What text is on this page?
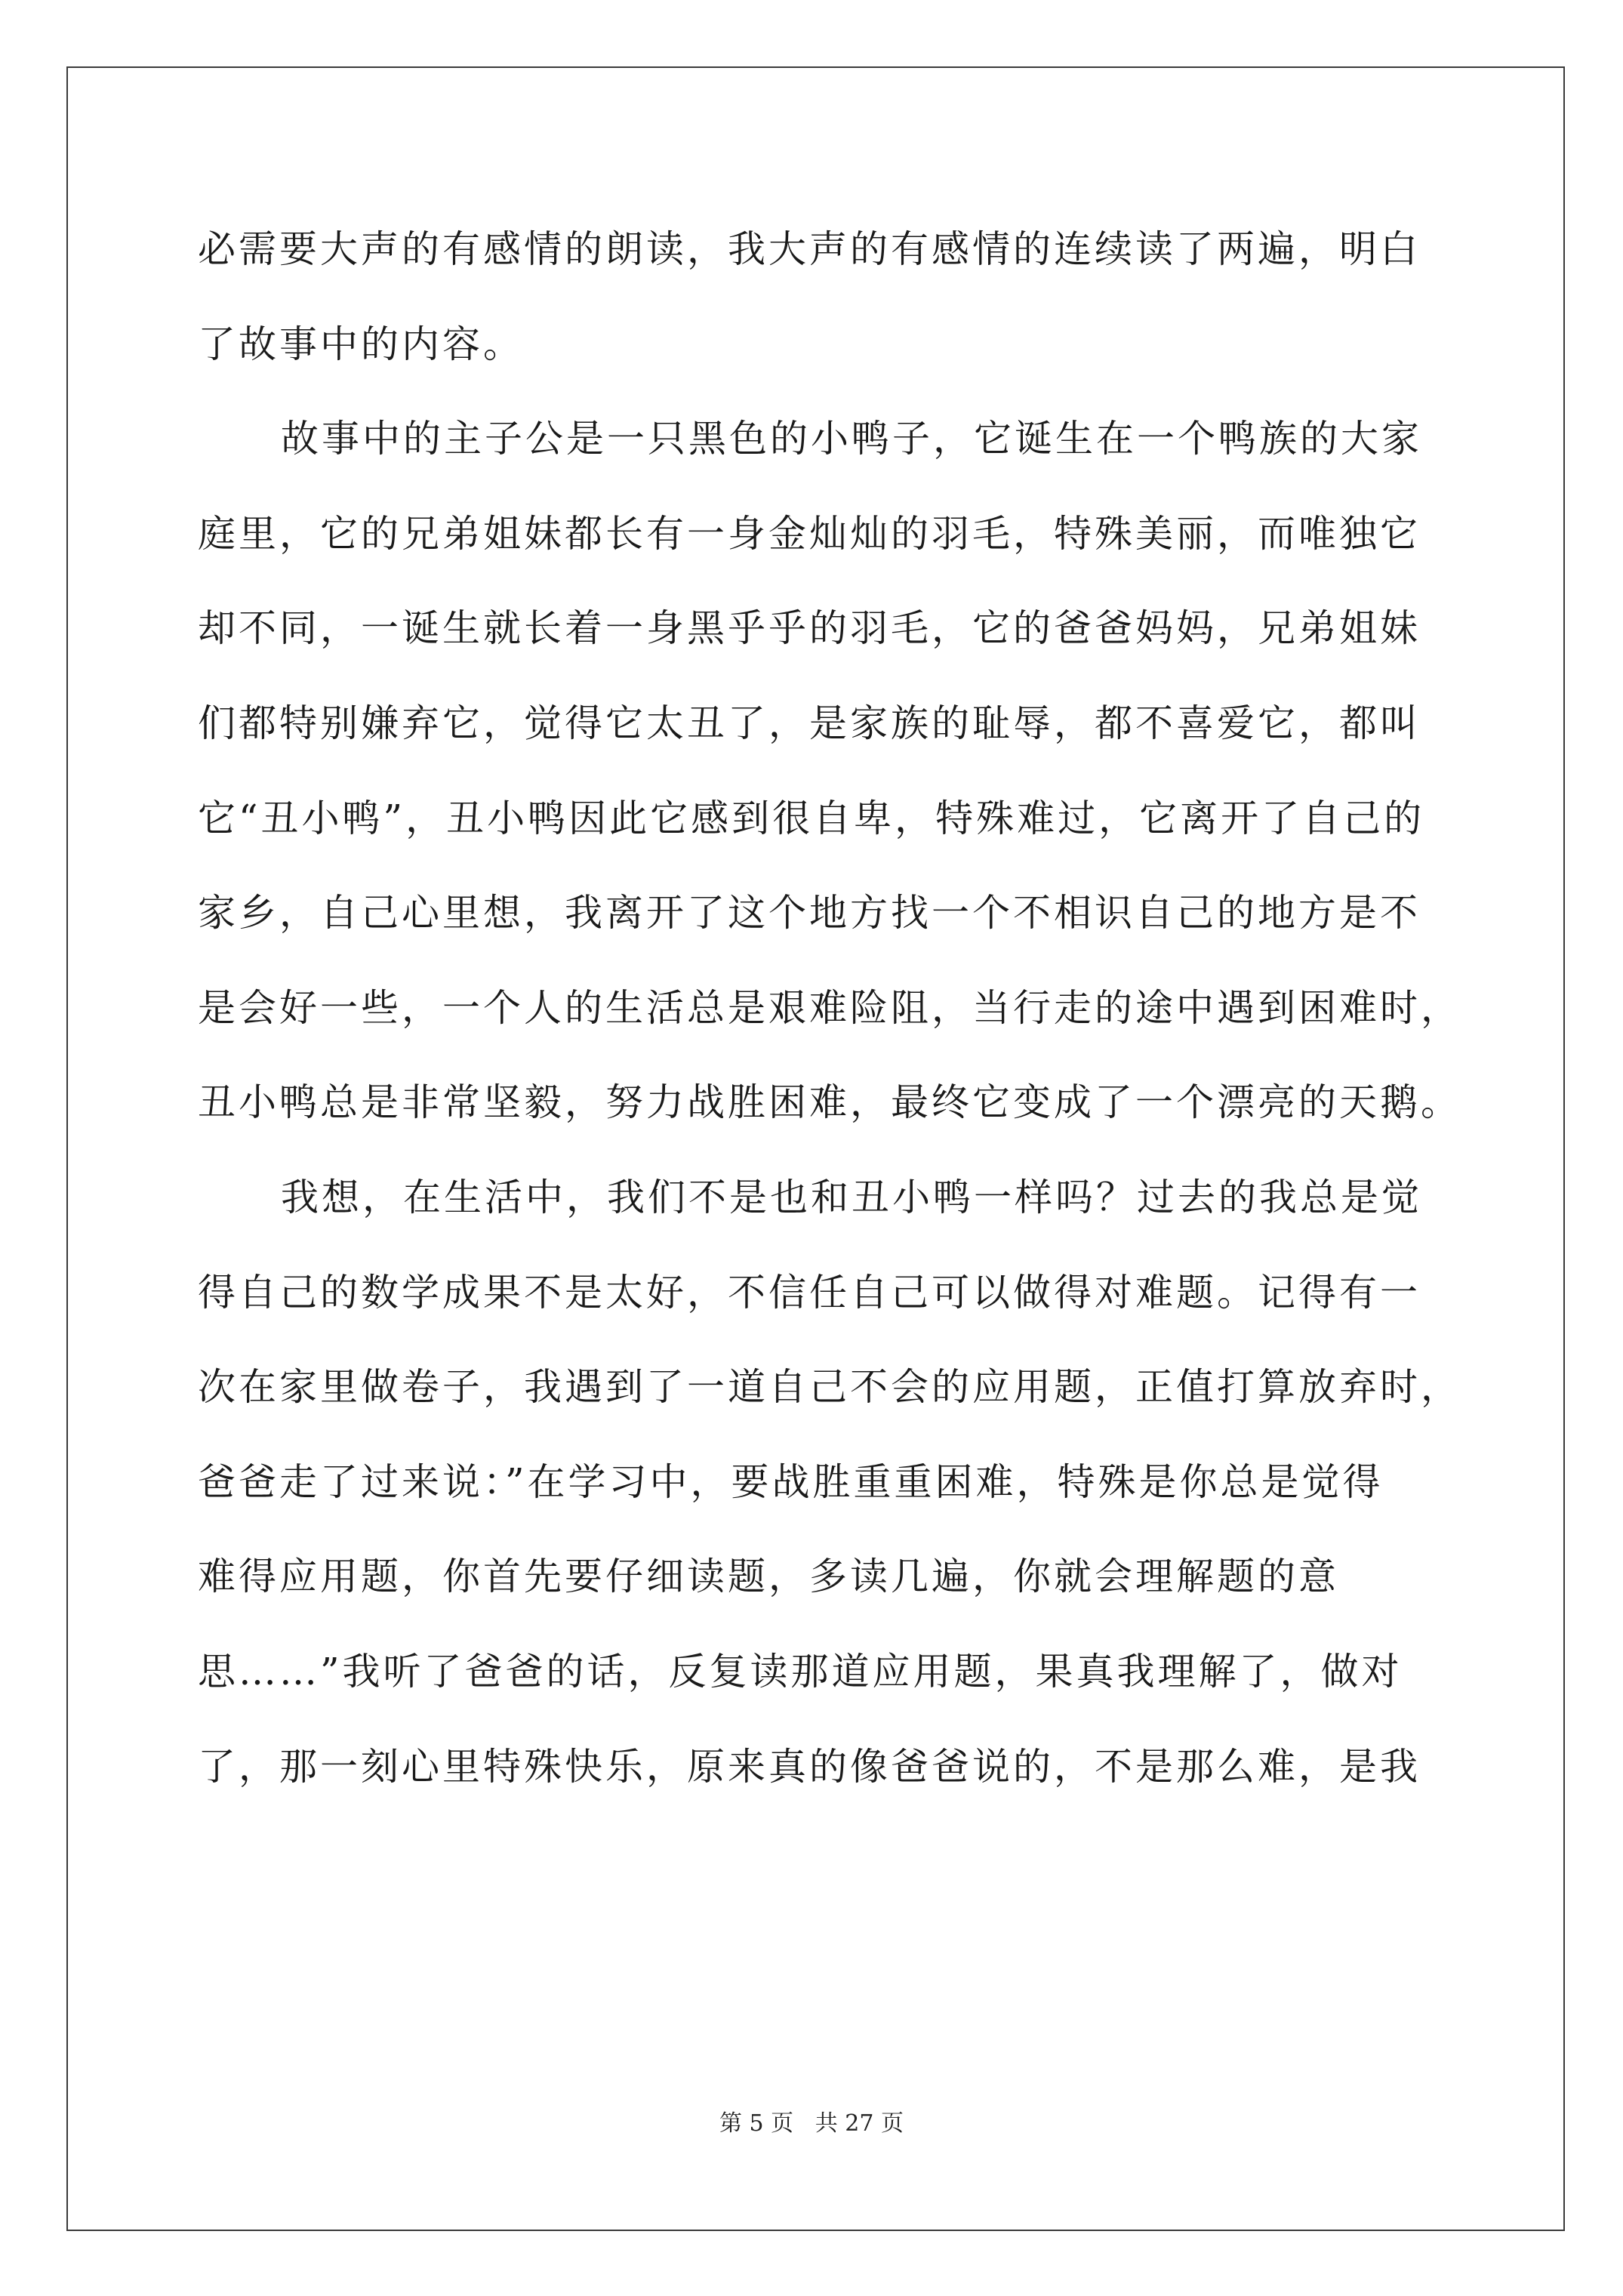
必需要大声的有感情的朗读，我大声的有感情的连续读了两遍，明白
了故事中的内容。
故事中的主子公是一只黑色的小鸭子，它诞生在一个鸭族的大家
庭里，它的兄弟姐妹都长有一身金灿灿的羽毛，特殊美丽，而唯独它
却不同，一诞生就长着一身黑乎乎的羽毛，它的爸爸妈妈，兄弟姐妹
们都特别嫌弃它，觉得它太丑了，是家族的耻辱，都不喜爱它，都叫
它“丑小鸭”，丑小鸭因此它感到很自卑，特殊难过，它离开了自己的
家乡，自己心里想，我离开了这个地方找一个不相识自己的地方是不
是会好一些，一个人的生活总是艰难险阻，当行走的途中遇到困难时，
丑小鸭总是非常坚毅，努力战胜困难，最终它变成了一个漂亮的天鹅。
我想，在生活中，我们不是也和丑小鸭一样吗？过去的我总是觉
得自己的数学成果不是太好，不信任自己可以做得对难题。记得有一
次在家里做卷子，我遇到了一道自己不会的应用题，正值打算放弃时，
爸爸走了过来说：”在学习中，要战胜重重困难，特殊是你总是觉得
难得应用题，你首先要仔细读题，多读几遍，你就会理解题的意
思……”我听了爸爸的话，反复读那道应用题，果真我理解了，做对
了，那一刻心里特殊快乐，原来真的像爸爸说的，不是那么难，是我
第 5 页 共 27 页
